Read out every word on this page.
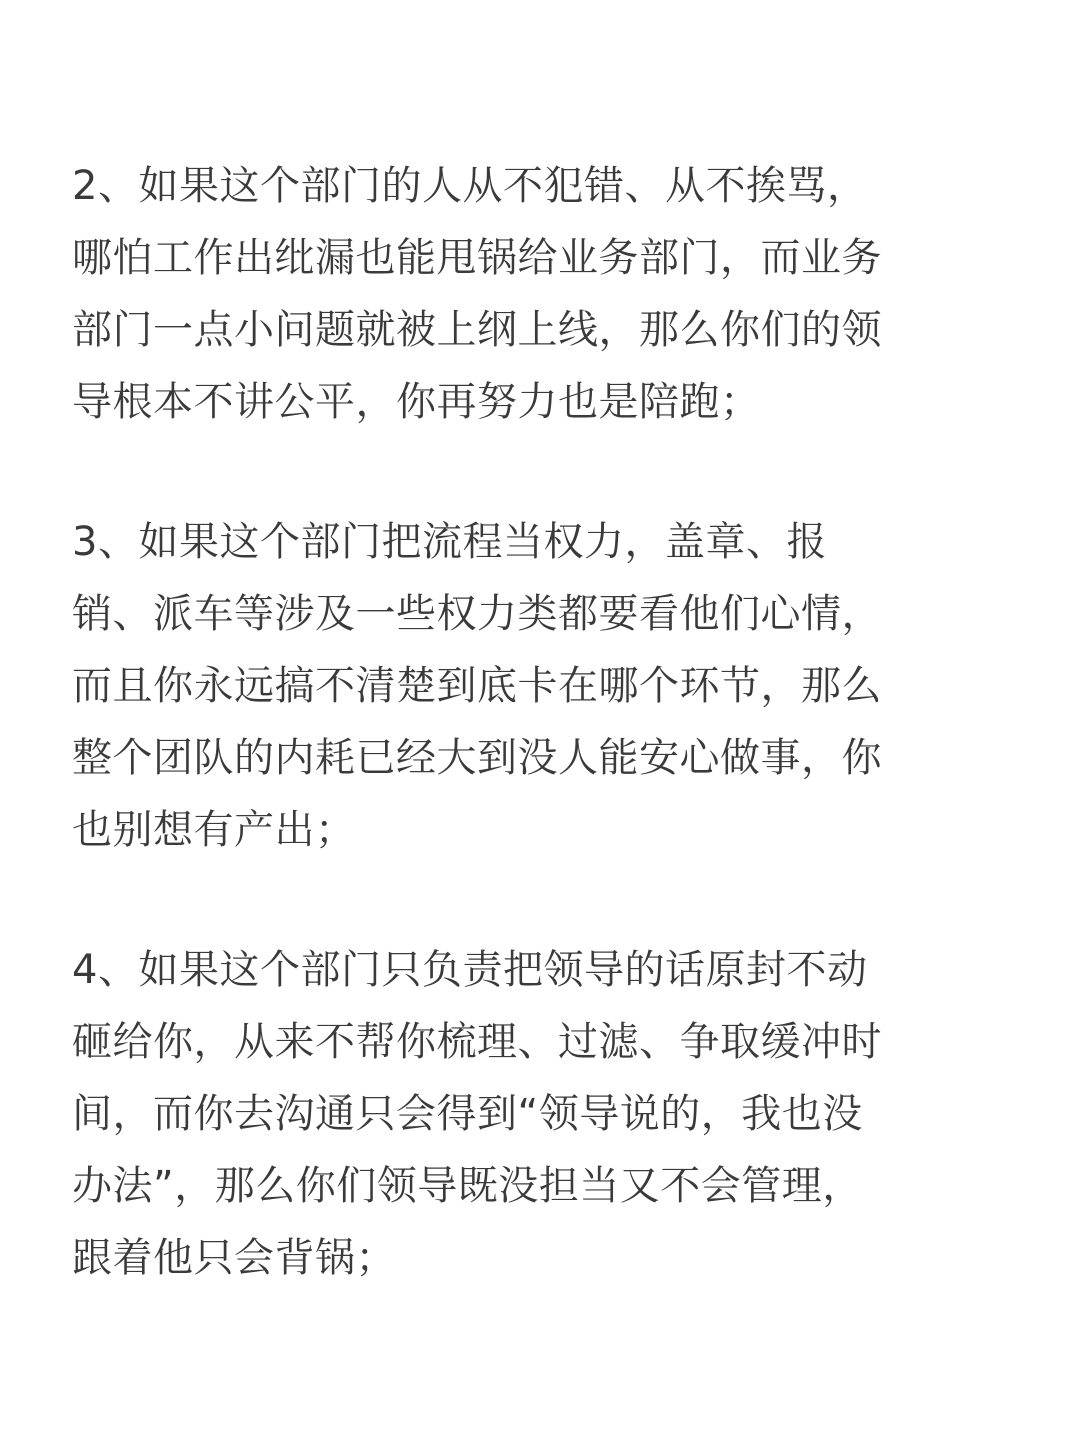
2、如果这个部门的人从不犯错、从不挨骂，
哪怕工作出纰漏也能甩锅给业务部门，而业务
部门一点小问题就被上纲上线，那么你们的领
导根本不讲公平，你再努力也是陪跑；
3、如果这个部门把流程当权力，盖章、报
销、派车等涉及一些权力类都要看他们心情，
而且你永远搞不清楚到底卡在哪个环节，那么
整个团队的内耗已经大到没人能安心做事，你
也别想有产出；
4、如果这个部门只负责把领导的话原封不动
砸给你，从来不帮你梳理、过滤、争取缓冲时
间，而你去沟通只会得到“领导说的，我也没
办法”，那么你们领导既没担当又不会管理，
跟着他只会背锅；
